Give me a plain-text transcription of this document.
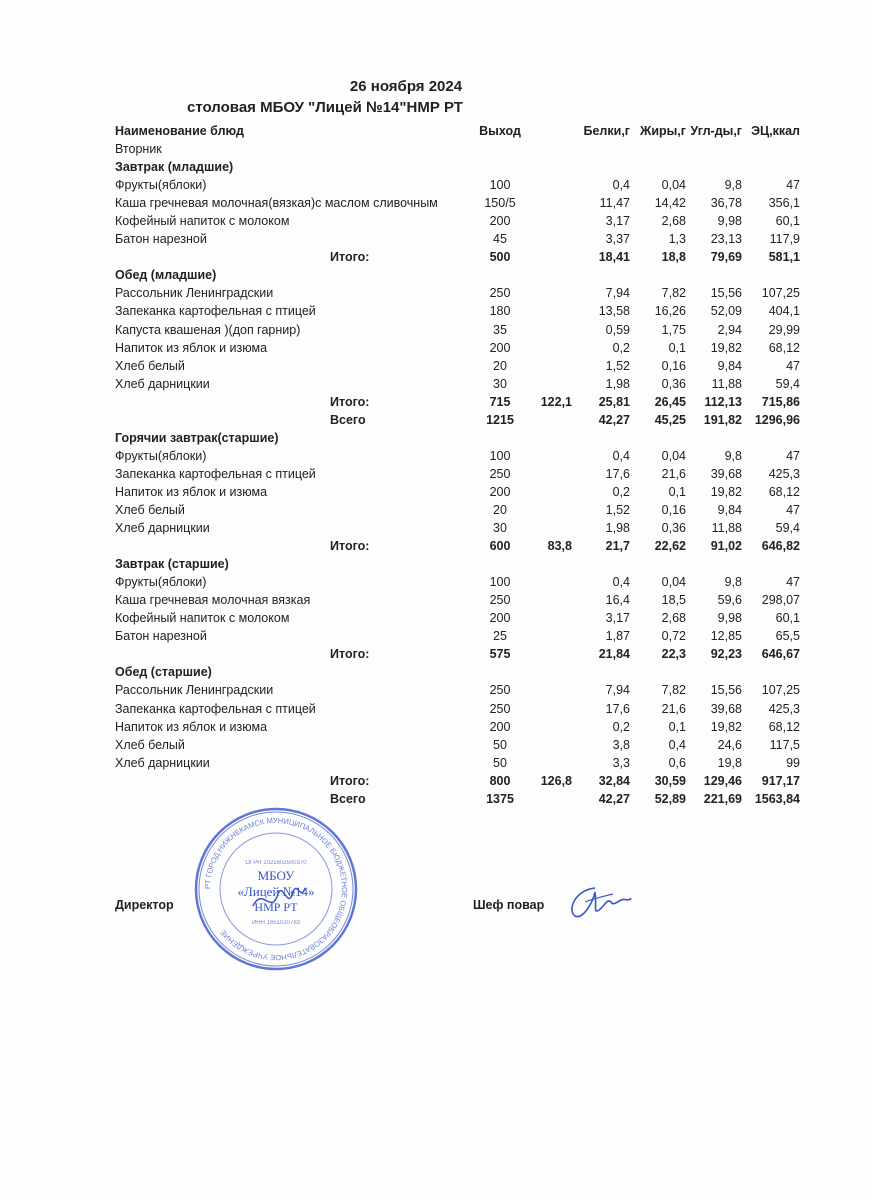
26 ноября 2024
столовая МБОУ "Лицей №14"НМР РТ
Наименование блюд	Выход	Белки,г Жиры,г Угл-ды,г ЭЦ,ккал
Вторник
Завтрак (младшие)
Фрукты(яблоки)	100	0,4	0,04	9,8	47
Каша гречневая молочная(вязкая)с маслом сливочным	150/5	11,47 14,42 36,78 356,1
Кофейный напиток с молоком	200	3,17	2,68	9,98	60,1
Батон нарезной	45	3,37	1,3 23,13 117,9
Итого:	500	18,41	18,8 79,69 581,1
Обед (младшие)
Рассольник Ленинградскии	250	7,94	7,82 15,56 107,25
Запеканка картофельная с птицей	180	13,58 16,26 52,09 404,1
Капуста квашеная )(доп гарнир)	35	0,59	1,75	2,94 29,99
Напиток из яблок и изюма	200	0,2	0,1 19,82 68,12
Хлеб белый	20	1,52	0,16	9,84	47
Хлеб дарницкии	30	1,98	0,36 11,88	59,4
Итого:	715	122,1 25,81 26,45 112,13 715,86
Всего	1215	42,27 45,25 191,82 1296,96
Горячии завтрак(старшие)
Фрукты(яблоки)	100	0,4	0,04	9,8	47
Запеканка картофельная с птицей	250	17,6	21,6 39,68 425,3
Напиток из яблок и изюма	200	0,2	0,1 19,82 68,12
Хлеб белый	20	1,52	0,16	9,84	47
Хлеб дарницкии	30	1,98	0,36 11,88	59,4
Итого:	600	83,8	21,7 22,62 91,02 646,82
Завтрак (старшие)
Фрукты(яблоки)	100	0,4	0,04	9,8	47
Каша гречневая молочная вязкая	250	16,4	18,5	59,6 298,07
Кофейный напиток с молоком	200	3,17	2,68	9,98	60,1
Батон нарезной	25	1,87	0,72 12,85	65,5
Итого:	575	21,84	22,3 92,23 646,67
Обед (старшие)
Рассольник Ленинградскии	250	7,94	7,82 15,56 107,25
Запеканка картофельная с птицей	250	17,6	21,6 39,68 425,3
Напиток из яблок и изюма	200	0,2	0,1 19,82 68,12
Хлеб белый	50	3,8	0,4	24,6 117,5
Хлеб дарницкии	50	3,3	0,6	19,8	99
Итого:	800	126,8 32,84 30,59 129,46 917,17
Всего	1375	42,27 52,89 221,69 1563,84
Директор	Шеф повар
РТ ГОРОД НИЖНЕКАМСК МУНИЦИПАЛЬНОЕ БЮДЖЕТНОЕ ОБЩЕОБРАЗОВАТЕЛЬНОЕ УЧРЕЖДЕНИЕ
ОГРН 1021602500370
МБОУ
«Лицей №14»
НМР РТ
ИНН 1651010783
